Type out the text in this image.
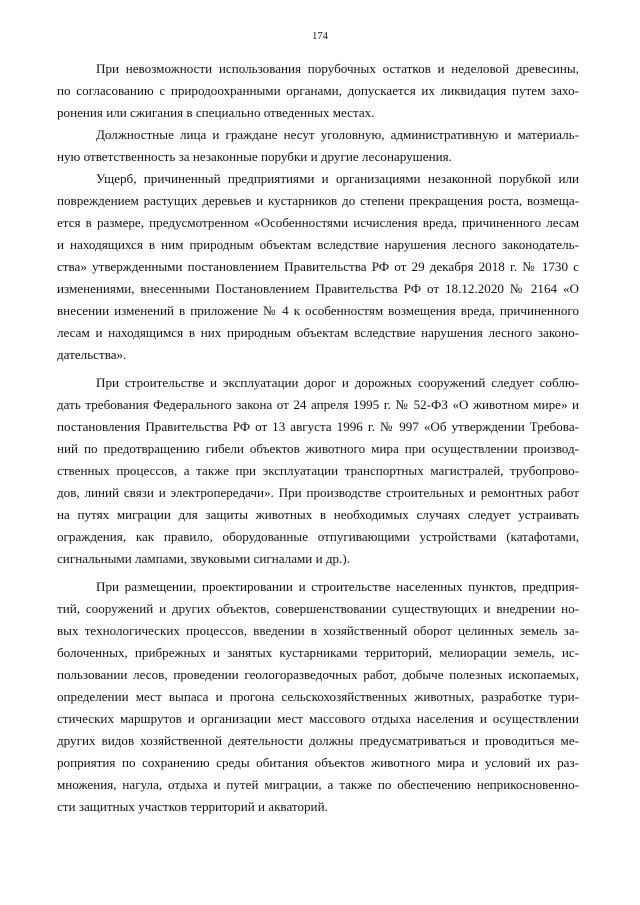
174
При невозможности использования порубочных остатков и неделовой древесины,
по согласованию с природоохранными органами, допускается их ликвидация путем захо-
ронения или сжигания в специально отведенных местах.
Должностные лица и граждане несут уголовную, административную и материаль-
ную ответственность за незаконные порубки и другие лесонарушения.
Ущерб, причиненный предприятиями и организациями незаконной порубкой или
повреждением растущих деревьев и кустарников до степени прекращения роста, возмеща-
ется в размере, предусмотренном «Особенностями исчисления вреда, причиненного лесам
и находящихся в ним природным объектам вследствие нарушения лесного законодатель-
ства» утвержденными постановлением Правительства РФ от 29 декабря 2018 г. № 1730 с
изменениями, внесенными Постановлением Правительства РФ от 18.12.2020 № 2164 «О
внесении изменений в приложение № 4 к особенностям возмещения вреда, причиненного
лесам и находящимся в них природным объектам вследствие нарушения лесного законо-
дательства».
При строительстве и эксплуатации дорог и дорожных сооружений следует соблю-
дать требования Федерального закона от 24 апреля 1995 г. № 52-ФЗ «О животном мире» и
постановления Правительства РФ от 13 августа 1996 г. № 997 «Об утверждении Требова-
ний по предотвращению гибели объектов животного мира при осуществлении производ-
ственных процессов, а также при эксплуатации транспортных магистралей, трубопрово-
дов, линий связи и электропередачи». При производстве строительных и ремонтных работ
на путях миграции для защиты животных в необходимых случаях следует устраивать
ограждения, как правило, оборудованные отпугивающими устройствами (катафотами,
сигнальными лампами, звуковыми сигналами и др.).
При размещении, проектировании и строительстве населенных пунктов, предприя-
тий, сооружений и других объектов, совершенствовании существующих и внедрении но-
вых технологических процессов, введении в хозяйственный оборот целинных земель за-
болоченных, прибрежных и занятых кустарниками территорий, мелиорации земель, ис-
пользовании лесов, проведении геологоразведочных работ, добыче полезных ископаемых,
определении мест выпаса и прогона сельскохозяйственных животных, разработке тури-
стических маршрутов и организации мест массового отдыха населения и осуществлении
других видов хозяйственной деятельности должны предусматриваться и проводиться ме-
роприятия по сохранению среды обитания объектов животного мира и условий их раз-
множения, нагула, отдыха и путей миграции, а также по обеспечению неприкосновенно-
сти защитных участков территорий и акваторий.
